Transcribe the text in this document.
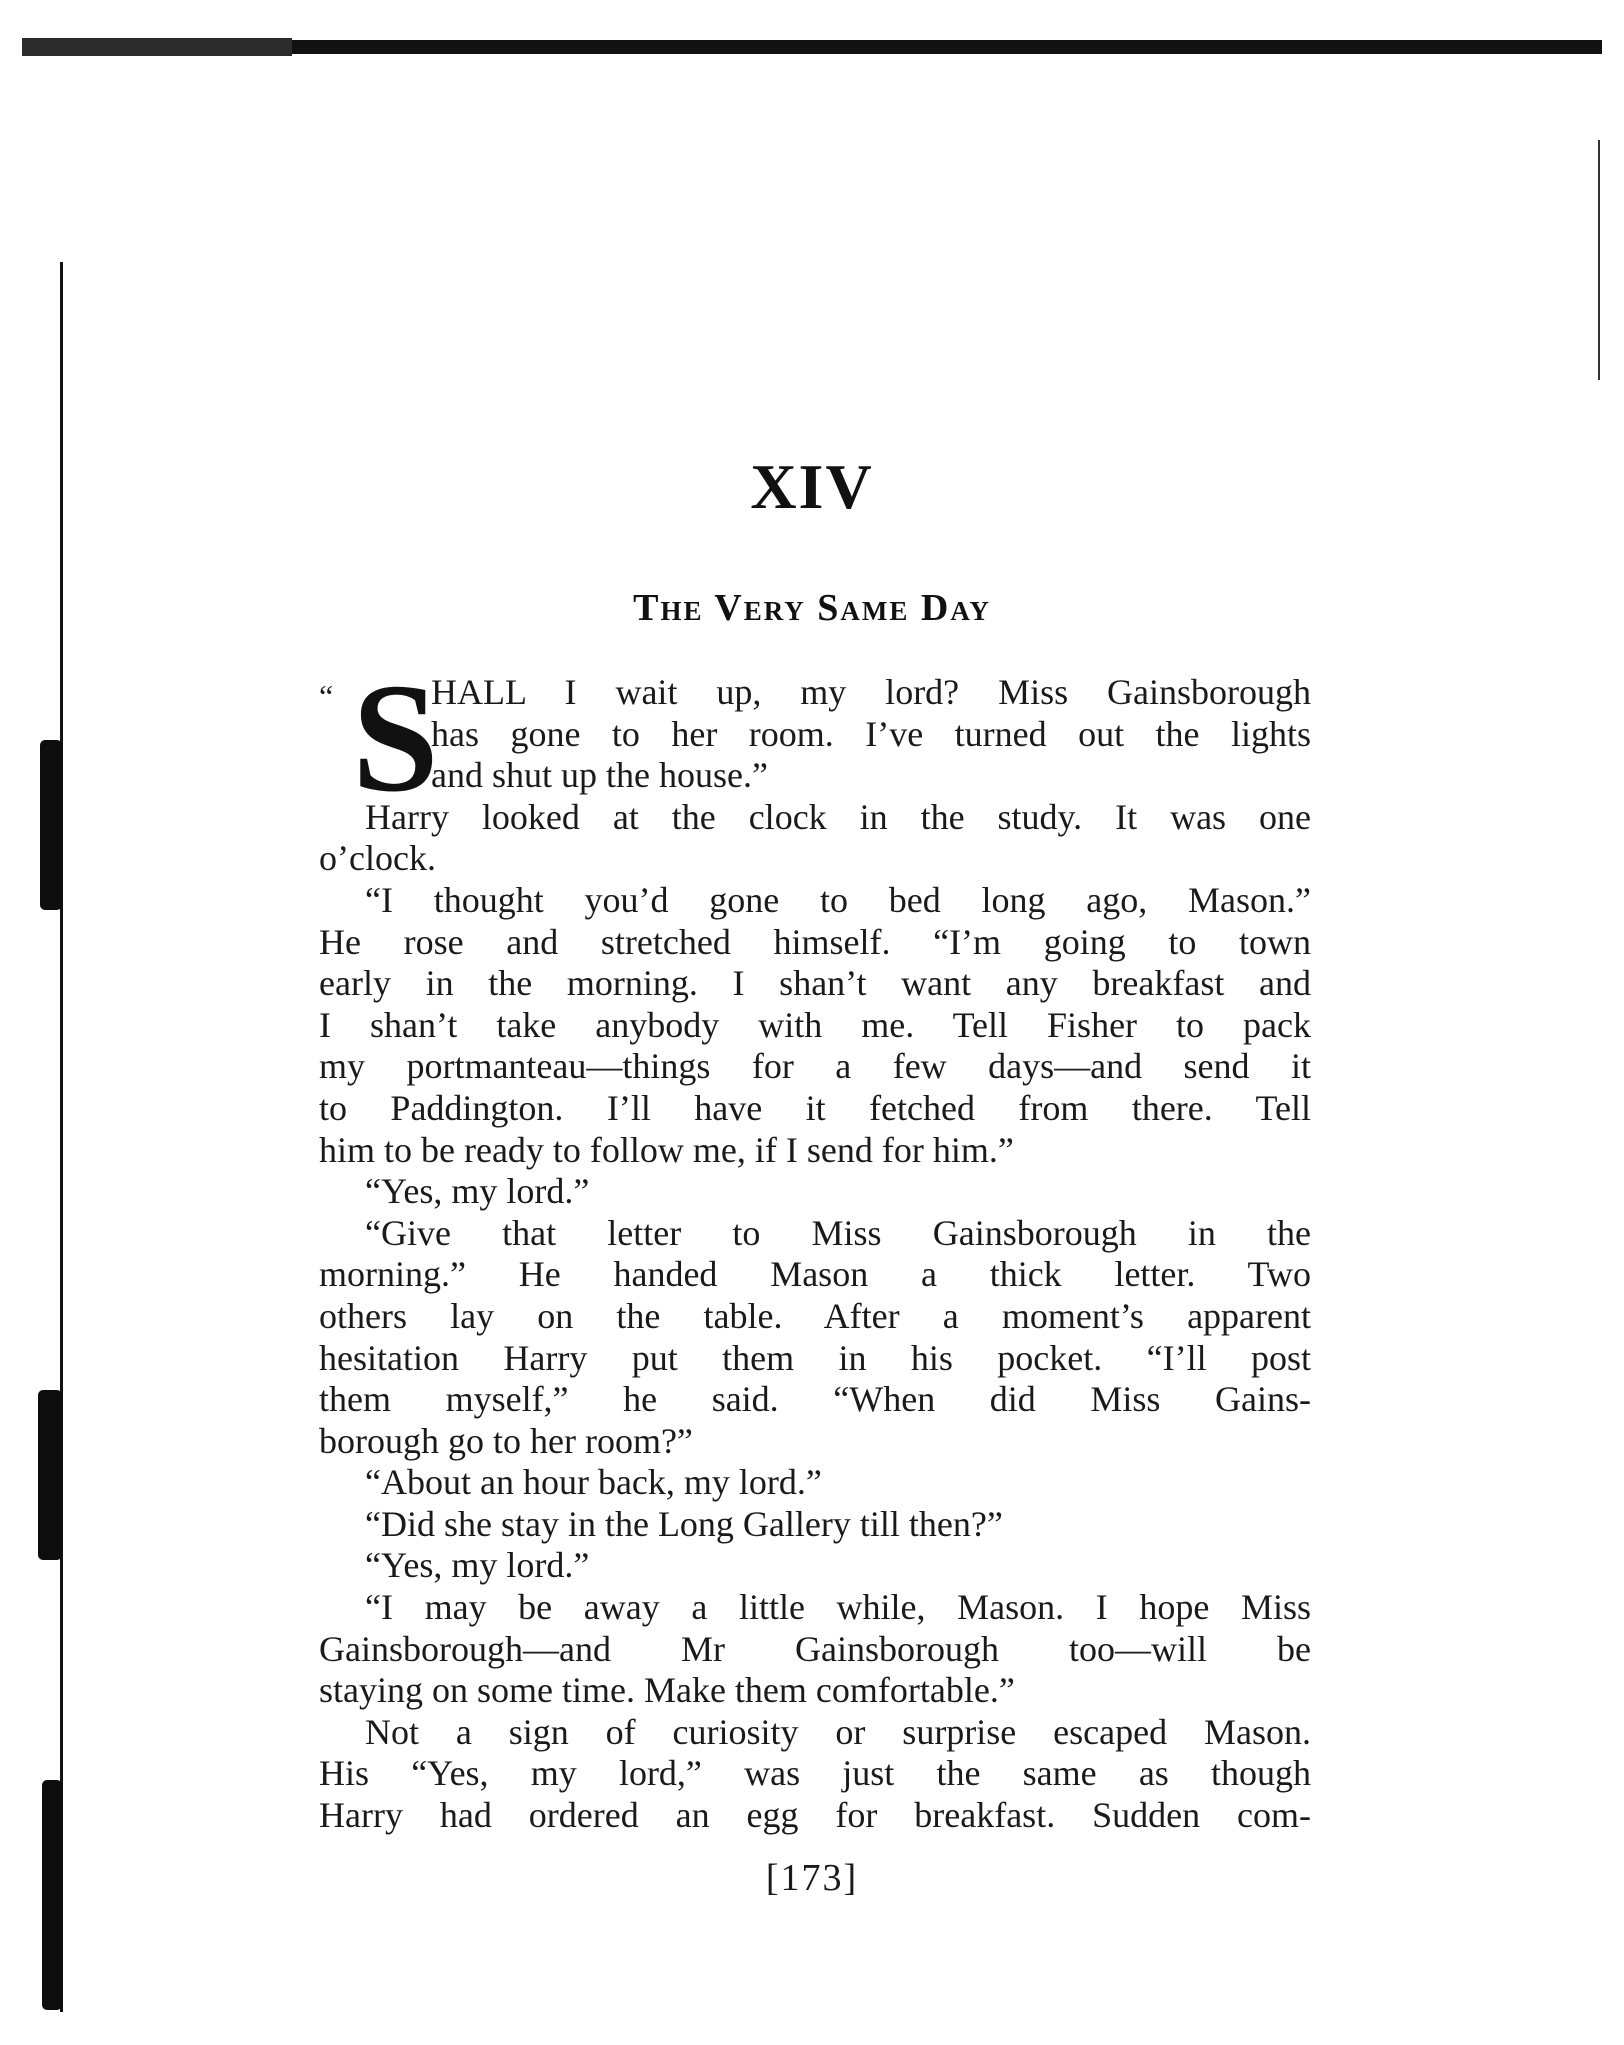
XIV
The Very Same Day
“ S
HALL I wait up, my lord? Miss Gainsborough
has gone to her room. I’ve turned out the lights
and shut up the house.”
Harry looked at the clock in the study. It was one
o’clock.
“I thought you’d gone to bed long ago, Mason.”
He rose and stretched himself. “I’m going to town
early in the morning. I shan’t want any breakfast and
I shan’t take anybody with me. Tell Fisher to pack
my portmanteau—things for a few days—and send it
to Paddington. I’ll have it fetched from there. Tell
him to be ready to follow me, if I send for him.”
“Yes, my lord.”
“Give that letter to Miss Gainsborough in the
morning.” He handed Mason a thick letter. Two
others lay on the table. After a moment’s apparent
hesitation Harry put them in his pocket. “I’ll post
them myself,” he said. “When did Miss Gains-
borough go to her room?”
“About an hour back, my lord.”
“Did she stay in the Long Gallery till then?”
“Yes, my lord.”
“I may be away a little while, Mason. I hope Miss
Gainsborough—and Mr Gainsborough too—will be
staying on some time. Make them comfortable.”
Not a sign of curiosity or surprise escaped Mason.
His “Yes, my lord,” was just the same as though
Harry had ordered an egg for breakfast. Sudden com-
[173]
